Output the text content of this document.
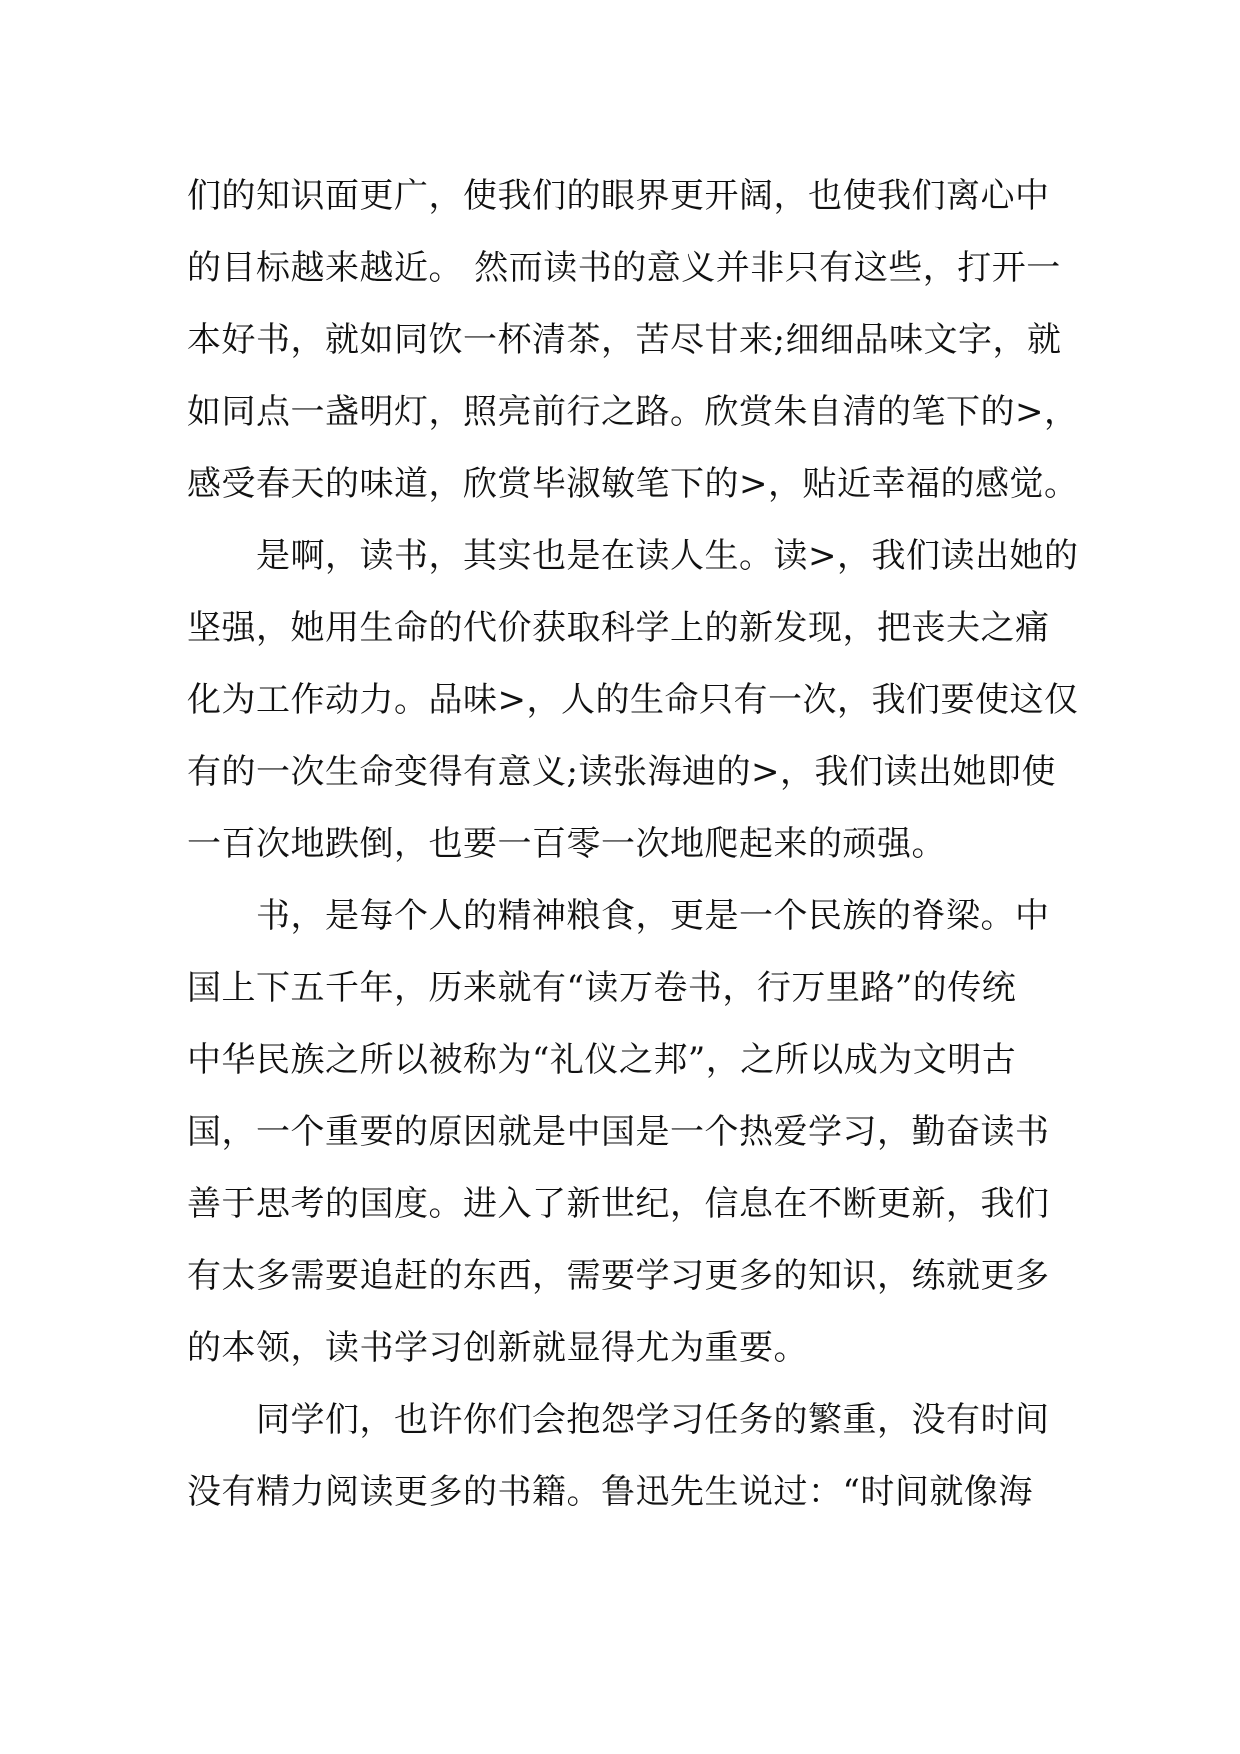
们的知识面更广，使我们的眼界更开阔，也使我们离心中
的目标越来越近。 然而读书的意义并非只有这些，打开一
本好书，就如同饮一杯清茶，苦尽甘来;细细品味文字，就
如同点一盏明灯，照亮前行之路。欣赏朱自清的笔下的>，
感受春天的味道，欣赏毕淑敏笔下的>，贴近幸福的感觉。
是啊，读书，其实也是在读人生。读>，我们读出她的
坚强，她用生命的代价获取科学上的新发现，把丧夫之痛
化为工作动力。品味>，人的生命只有一次，我们要使这仅
有的一次生命变得有意义;读张海迪的>，我们读出她即使
一百次地跌倒，也要一百零一次地爬起来的顽强。
书，是每个人的精神粮食，更是一个民族的脊梁。中
国上下五千年，历来就有“读万卷书，行万里路”的传统
中华民族之所以被称为“礼仪之邦”，之所以成为文明古
国，一个重要的原因就是中国是一个热爱学习，勤奋读书
善于思考的国度。进入了新世纪，信息在不断更新，我们
有太多需要追赶的东西，需要学习更多的知识，练就更多
的本领，读书学习创新就显得尤为重要。
同学们，也许你们会抱怨学习任务的繁重，没有时间
没有精力阅读更多的书籍。鲁迅先生说过：“时间就像海
